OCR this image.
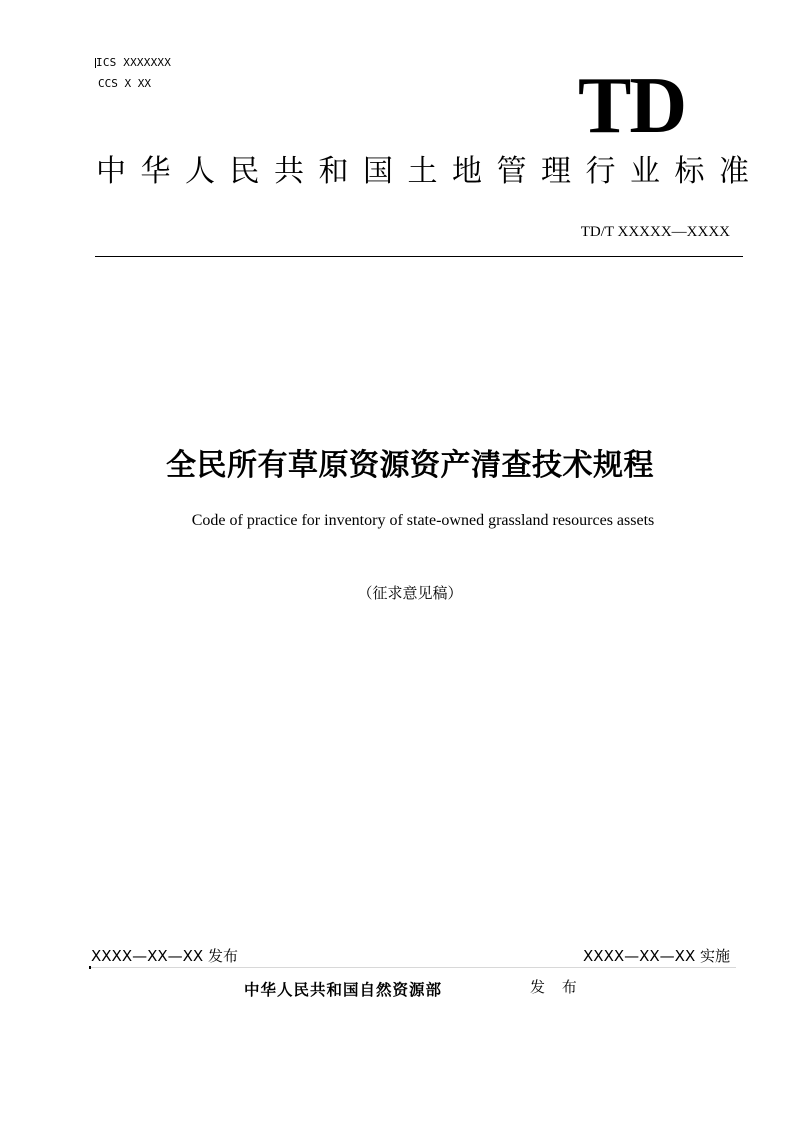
ICS XXXXXXX
CCS X XX	TD
中华人民共和国土地管理行业标准
TD/T XXXXX—XXXX
全民所有草原资源资产清查技术规程
Code of practice for inventory of state-owned grassland resources assets
（征求意见稿）
XXXX—XX—XX 发布	XXXX—XX—XX 实施
中华人民共和国自然资源部	发 布
